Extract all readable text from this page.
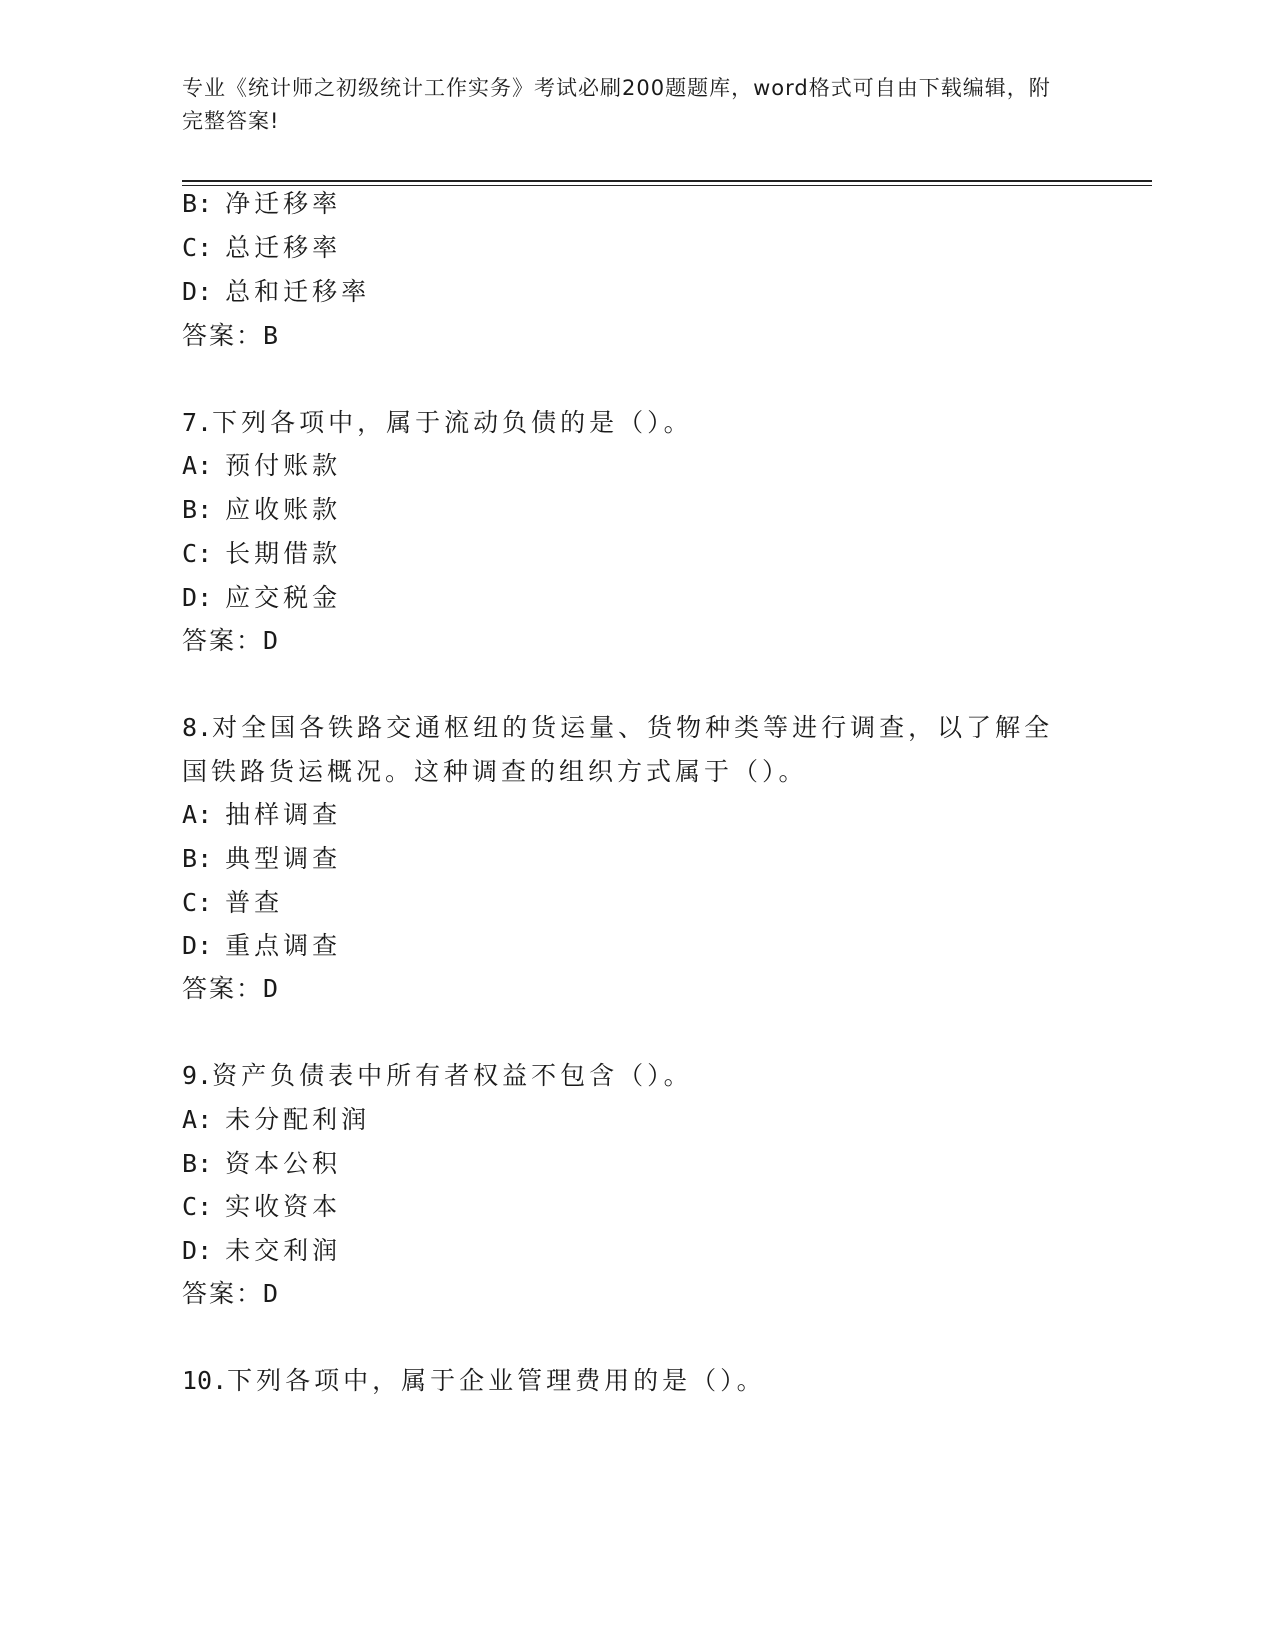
专业《统计师之初级统计工作实务》考试必刷200题题库，word格式可自由下载编辑，附完整答案!
B: 净迁移率
C: 总迁移率
D: 总和迁移率
答案：B
7.下列各项中，属于流动负债的是（）。
A: 预付账款
B: 应收账款
C: 长期借款
D: 应交税金
答案：D
8.对全国各铁路交通枢纽的货运量、货物种类等进行调查，以了解全
国铁路货运概况。这种调查的组织方式属于（）。
A: 抽样调查
B: 典型调查
C: 普查
D: 重点调查
答案：D
9.资产负债表中所有者权益不包含（）。
A: 未分配利润
B: 资本公积
C: 实收资本
D: 未交利润
答案：D
10.下列各项中，属于企业管理费用的是（）。
